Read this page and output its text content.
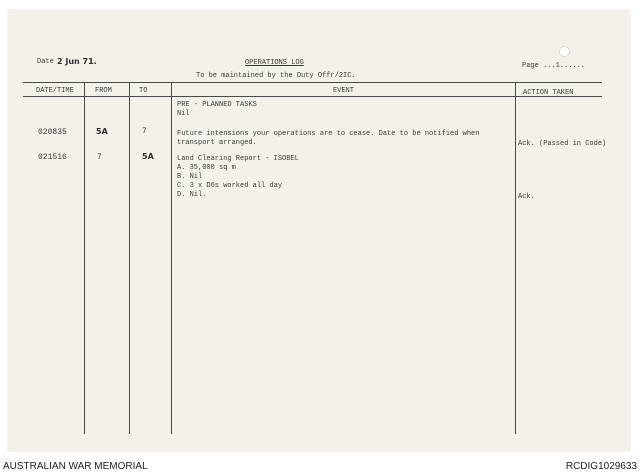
Date 2 Jun 71.	OPERATIONS LOG
To be maintained by the Duty Offr/2IC.
Page ...1......
DATE/TIME	FROM	TO	EVENT	ACTION TAKEN
PRE - PLANNED TASKS
Nil
020835	5A	7	Future intensions your operations are to cease. Date to be notified when
transport arranged.	Ack. (Passed in Code)
021516	7	5A	Land Clearing Report - ISOBEL
A. 35,000 sq m
B. Nil
C. 3 x D6s worked all day
D. Nil.	Ack.
AUSTRALIAN WAR MEMORIAL	RCDIG1029633
